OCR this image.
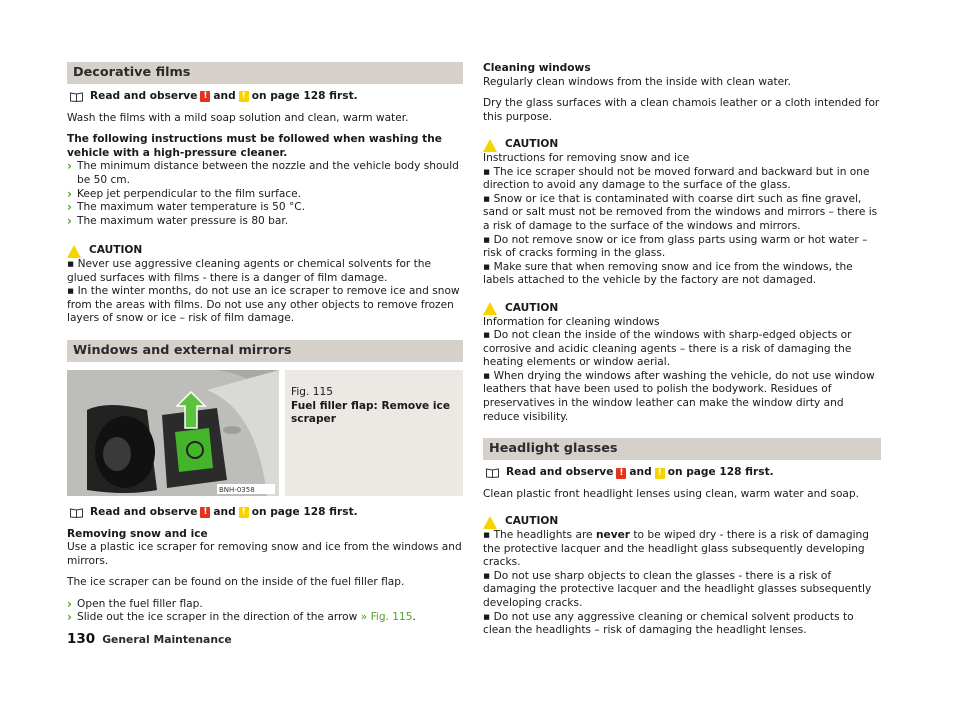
Decorative films
Read and observe ! and ! on page 128 first.

Wash the films with a mild soap solution and clean, warm water.

The following instructions must be followed when washing the vehicle with a high-pressure cleaner.

› The minimum distance between the nozzle and the vehicle body should be 50 cm.
› Keep jet perpendicular to the film surface.
› The maximum water temperature is 50 °C.
› The maximum water pressure is 80 bar.
CAUTION

▪ Never use aggressive cleaning agents or chemical solvents for the glued surfaces with films - there is a danger of film damage.

▪ In the winter months, do not use an ice scraper to remove ice and snow from the areas with films. Do not use any other objects to remove frozen layers of snow or ice – risk of film damage.

Windows and external mirrors
BNH-0358

Fig. 115

Fuel filler flap: Remove ice scraper

Read and observe ! and ! on page 128 first.

Removing snow and ice

Use a plastic ice scraper for removing snow and ice from the windows and mirrors.

The ice scraper can be found on the inside of the fuel filler flap.

› Open the fuel filler flap.
› Slide out the ice scraper in the direction of the arrow » Fig. 115.

Cleaning windows

Regularly clean windows from the inside with clean water.

Dry the glass surfaces with a clean chamois leather or a cloth intended for this purpose.

CAUTION

Instructions for removing snow and ice

▪ The ice scraper should not be moved forward and backward but in one direction to avoid any damage to the surface of the glass.

▪ Snow or ice that is contaminated with coarse dirt such as fine gravel, sand or salt must not be removed from the windows and mirrors – there is a risk of damage to the surface of the windows and mirrors.

▪ Do not remove snow or ice from glass parts using warm or hot water – risk of cracks forming in the glass.

▪ Make sure that when removing snow and ice from the windows, the labels attached to the vehicle by the factory are not damaged.

CAUTION

Information for cleaning windows

▪ Do not clean the inside of the windows with sharp-edged objects or corrosive and acidic cleaning agents – there is a risk of damaging the heating elements or window aerial.

▪ When drying the windows after washing the vehicle, do not use window leathers that have been used to polish the bodywork. Residues of preservatives in the window leather can make the window dirty and reduce visibility.

Headlight glasses
Read and observe ! and ! on page 128 first.

Clean plastic front headlight lenses using clean, warm water and soap.

CAUTION

▪ The headlights are never to be wiped dry - there is a risk of damaging the protective lacquer and the headlight glass subsequently developing cracks.

▪ Do not use sharp objects to clean the glasses - there is a risk of damaging the protective lacquer and the headlight glasses subsequently developing cracks.

▪ Do not use any aggressive cleaning or chemical solvent products to clean the headlights – risk of damaging the headlight lenses.

130 General Maintenance
